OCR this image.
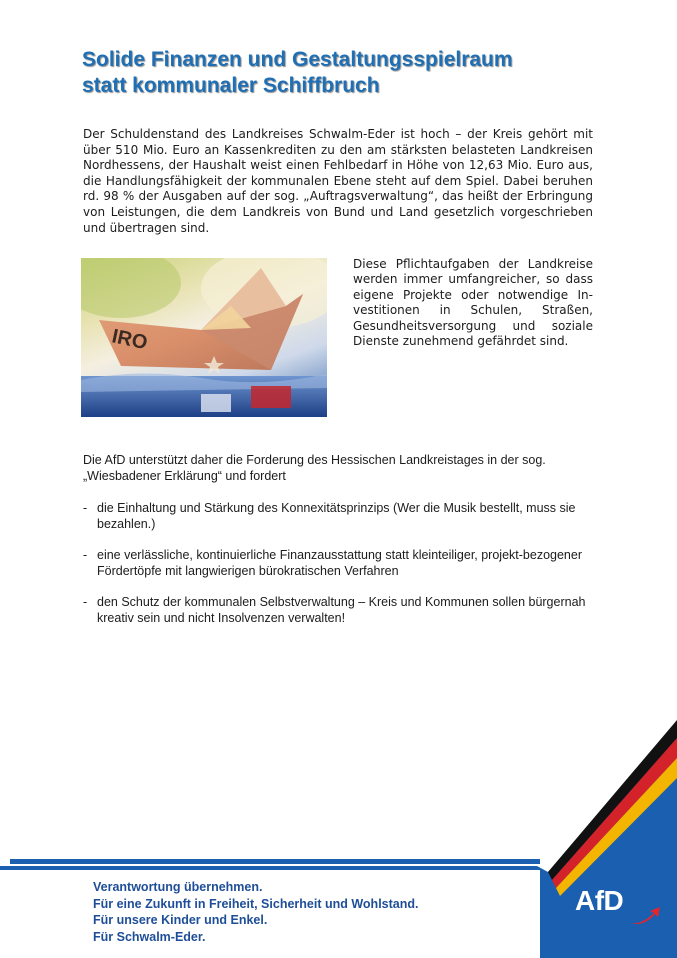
Solide Finanzen und Gestaltungsspielraum
statt kommunaler Schiffbruch

Der Schuldenstand des Landkreises Schwalm-Eder ist hoch – der Kreis gehört mit über 510 Mio. Euro an Kassenkrediten zu den am stärksten belasteten Landkreisen Nordhessens, der Haushalt weist einen Fehlbedarf in Höhe von 12,63 Mio. Euro aus, die Handlungsfähigkeit der kommunalen Ebene steht auf dem Spiel. Dabei beruhen rd. 98 % der Ausgaben auf der sog. „Auftragsverwaltung“, das heißt der Erbringung von Leistungen, die dem Landkreis von Bund und Land gesetzlich vorgeschrieben und übertragen sind.

IRO

Diese Pflichtaufgaben der Landkreise werden immer umfangreicher, so dass eigene Projekte oder notwendige In-vestitionen in Schulen, Straßen, Gesundheitsversorgung und soziale Dienste zunehmend gefährdet sind.

Die AfD unterstützt daher die Forderung des Hessischen Landkreistages in der sog. „Wiesbadener Erklärung“ und fordert

- die Einhaltung und Stärkung des Konnexitätsprinzips (Wer die Musik bestellt, muss sie bezahlen.)
- eine verlässliche, kontinuierliche Finanzausstattung statt kleinteiliger, projekt-bezogener Fördertöpfe mit langwierigen bürokratischen Verfahren
- den Schutz der kommunalen Selbstverwaltung – Kreis und Kommunen sollen bürgernah kreativ sein und nicht Insolvenzen verwalten!
Verantwortung übernehmen.
Für eine Zukunft in Freiheit, Sicherheit und Wohlstand.
Für unsere Kinder und Enkel.
Für Schwalm-Eder.
AfD
